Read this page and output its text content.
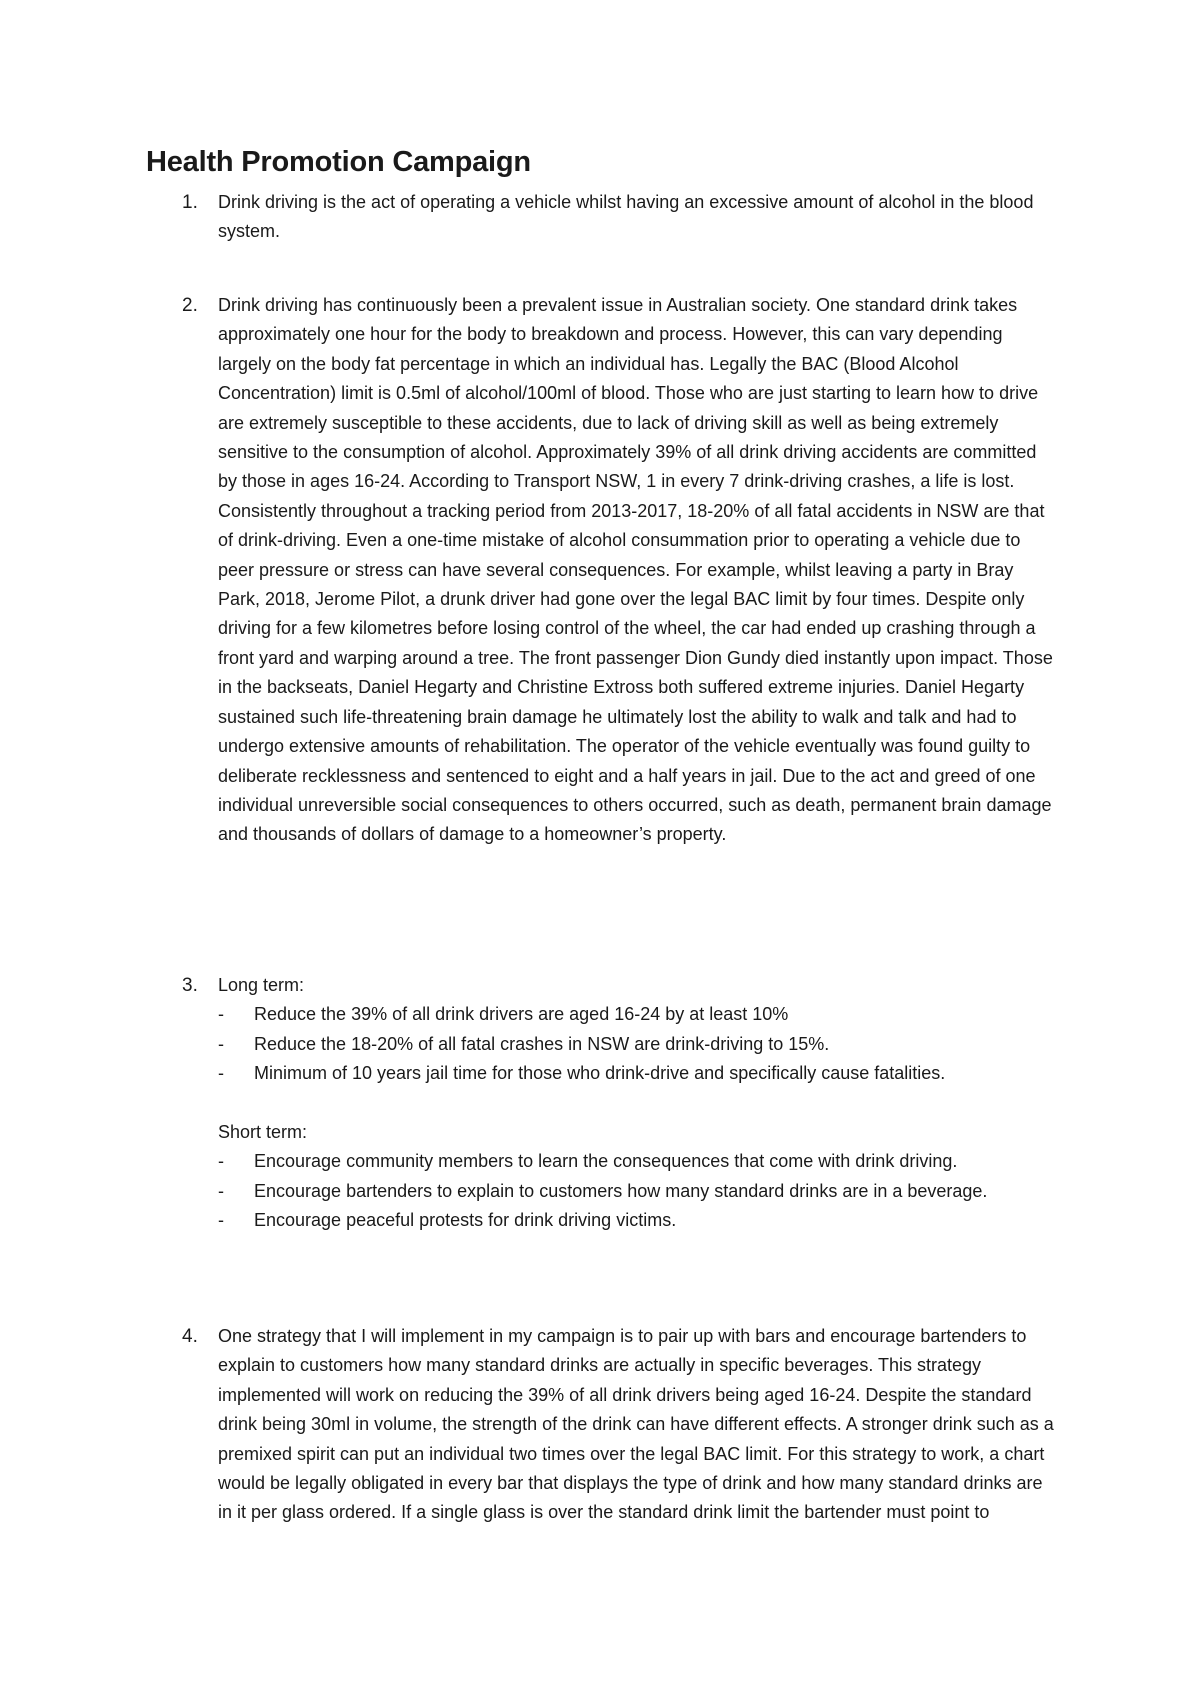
Health Promotion Campaign
1.	Drink driving is the act of operating a vehicle whilst having an excessive amount of alcohol in the blood system.

2.	Drink driving has continuously been a prevalent issue in Australian society. One standard drink takes approximately one hour for the body to breakdown and process. However, this can vary depending largely on the body fat percentage in which an individual has. Legally the BAC (Blood Alcohol Concentration) limit is 0.5ml of alcohol/100ml of blood. Those who are just starting to learn how to drive are extremely susceptible to these accidents, due to lack of driving skill as well as being extremely sensitive to the consumption of alcohol. Approximately 39% of all drink driving accidents are committed by those in ages 16-24. According to Transport NSW, 1 in every 7 drink-driving crashes, a life is lost. Consistently throughout a tracking period from 2013-2017, 18-20% of all fatal accidents in NSW are that of drink-driving. Even a one-time mistake of alcohol consummation prior to operating a vehicle due to peer pressure or stress can have several consequences. For example, whilst leaving a party in Bray Park, 2018, Jerome Pilot, a drunk driver had gone over the legal BAC limit by four times. Despite only driving for a few kilometres before losing control of the wheel, the car had ended up crashing through a front yard and warping around a tree. The front passenger Dion Gundy died instantly upon impact. Those in the backseats, Daniel Hegarty and Christine Extross both suffered extreme injuries. Daniel Hegarty sustained such life-threatening brain damage he ultimately lost the ability to walk and talk and had to undergo extensive amounts of rehabilitation. The operator of the vehicle eventually was found guilty to deliberate recklessness and sentenced to eight and a half years in jail. Due to the act and greed of one individual unreversible social consequences to others occurred, such as death, permanent brain damage and thousands of dollars of damage to a homeowner’s property.

3.	Long term:

- Reduce the 39% of all drink drivers are aged 16-24 by at least 10%
- Reduce the 18-20% of all fatal crashes in NSW are drink-driving to 15%.
- Minimum of 10 years jail time for those who drink-drive and specifically cause fatalities.

Short term:

- Encourage community members to learn the consequences that come with drink driving.
- Encourage bartenders to explain to customers how many standard drinks are in a beverage.
- Encourage peaceful protests for drink driving victims.
4.	One strategy that I will implement in my campaign is to pair up with bars and encourage bartenders to explain to customers how many standard drinks are actually in specific beverages. This strategy implemented will work on reducing the 39% of all drink drivers being aged 16-24. Despite the standard drink being 30ml in volume, the strength of the drink can have different effects. A stronger drink such as a premixed spirit can put an individual two times over the legal BAC limit. For this strategy to work, a chart would be legally obligated in every bar that displays the type of drink and how many standard drinks are in it per glass ordered. If a single glass is over the standard drink limit the bartender must point to
